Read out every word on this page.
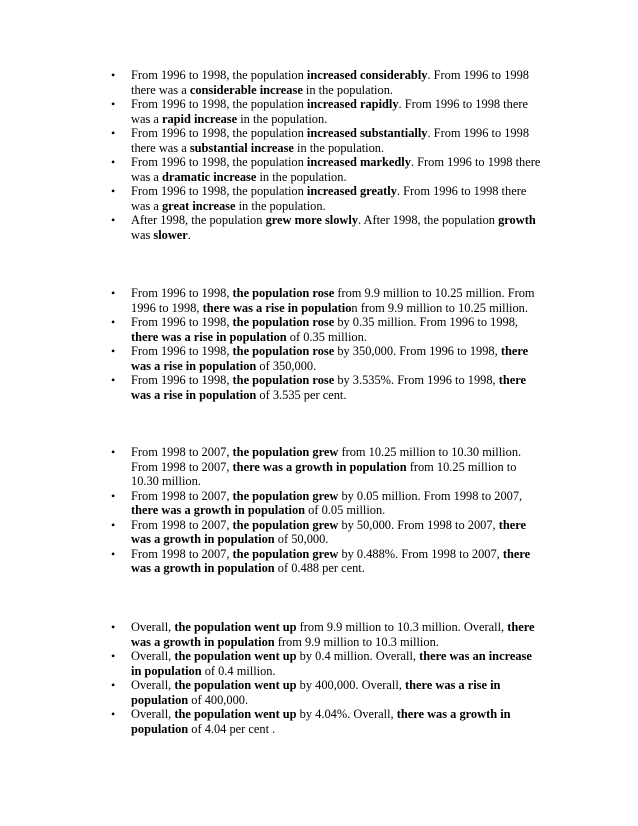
• From 1996 to 1998, the population increased considerably. From 1996 to 1998 there was a considerable increase in the population.
• From 1996 to 1998, the population increased rapidly. From 1996 to 1998 there was a rapid increase in the population.
• From 1996 to 1998, the population increased substantially. From 1996 to 1998 there was a substantial increase in the population.
• From 1996 to 1998, the population increased markedly. From 1996 to 1998 there was a dramatic increase in the population.
• From 1996 to 1998, the population increased greatly. From 1996 to 1998 there was a great increase in the population.
• After 1998, the population grew more slowly. After 1998, the population growth was slower.
• From 1996 to 1998, the population rose from 9.9 million to 10.25 million. From 1996 to 1998, there was a rise in population from 9.9 million to 10.25 million.
• From 1996 to 1998, the population rose by 0.35 million. From 1996 to 1998, there was a rise in population of 0.35 million.
• From 1996 to 1998, the population rose by 350,000. From 1996 to 1998, there was a rise in population of 350,000.
• From 1996 to 1998, the population rose by 3.535%. From 1996 to 1998, there was a rise in population of 3.535 per cent.
• From 1998 to 2007, the population grew from 10.25 million to 10.30 million. From 1998 to 2007, there was a growth in population from 10.25 million to 10.30 million.
• From 1998 to 2007, the population grew by 0.05 million. From 1998 to 2007, there was a growth in population of 0.05 million.
• From 1998 to 2007, the population grew by 50,000. From 1998 to 2007, there was a growth in population of 50,000.
• From 1998 to 2007, the population grew by 0.488%. From 1998 to 2007, there was a growth in population of 0.488 per cent.
• Overall, the population went up from 9.9 million to 10.3 million. Overall, there was a growth in population from 9.9 million to 10.3 million.
• Overall, the population went up by 0.4 million. Overall, there was an increase in population of 0.4 million.
• Overall, the population went up by 400,000. Overall, there was a rise in population of 400,000.
• Overall, the population went up by 4.04%. Overall, there was a growth in population of 4.04 per cent .
